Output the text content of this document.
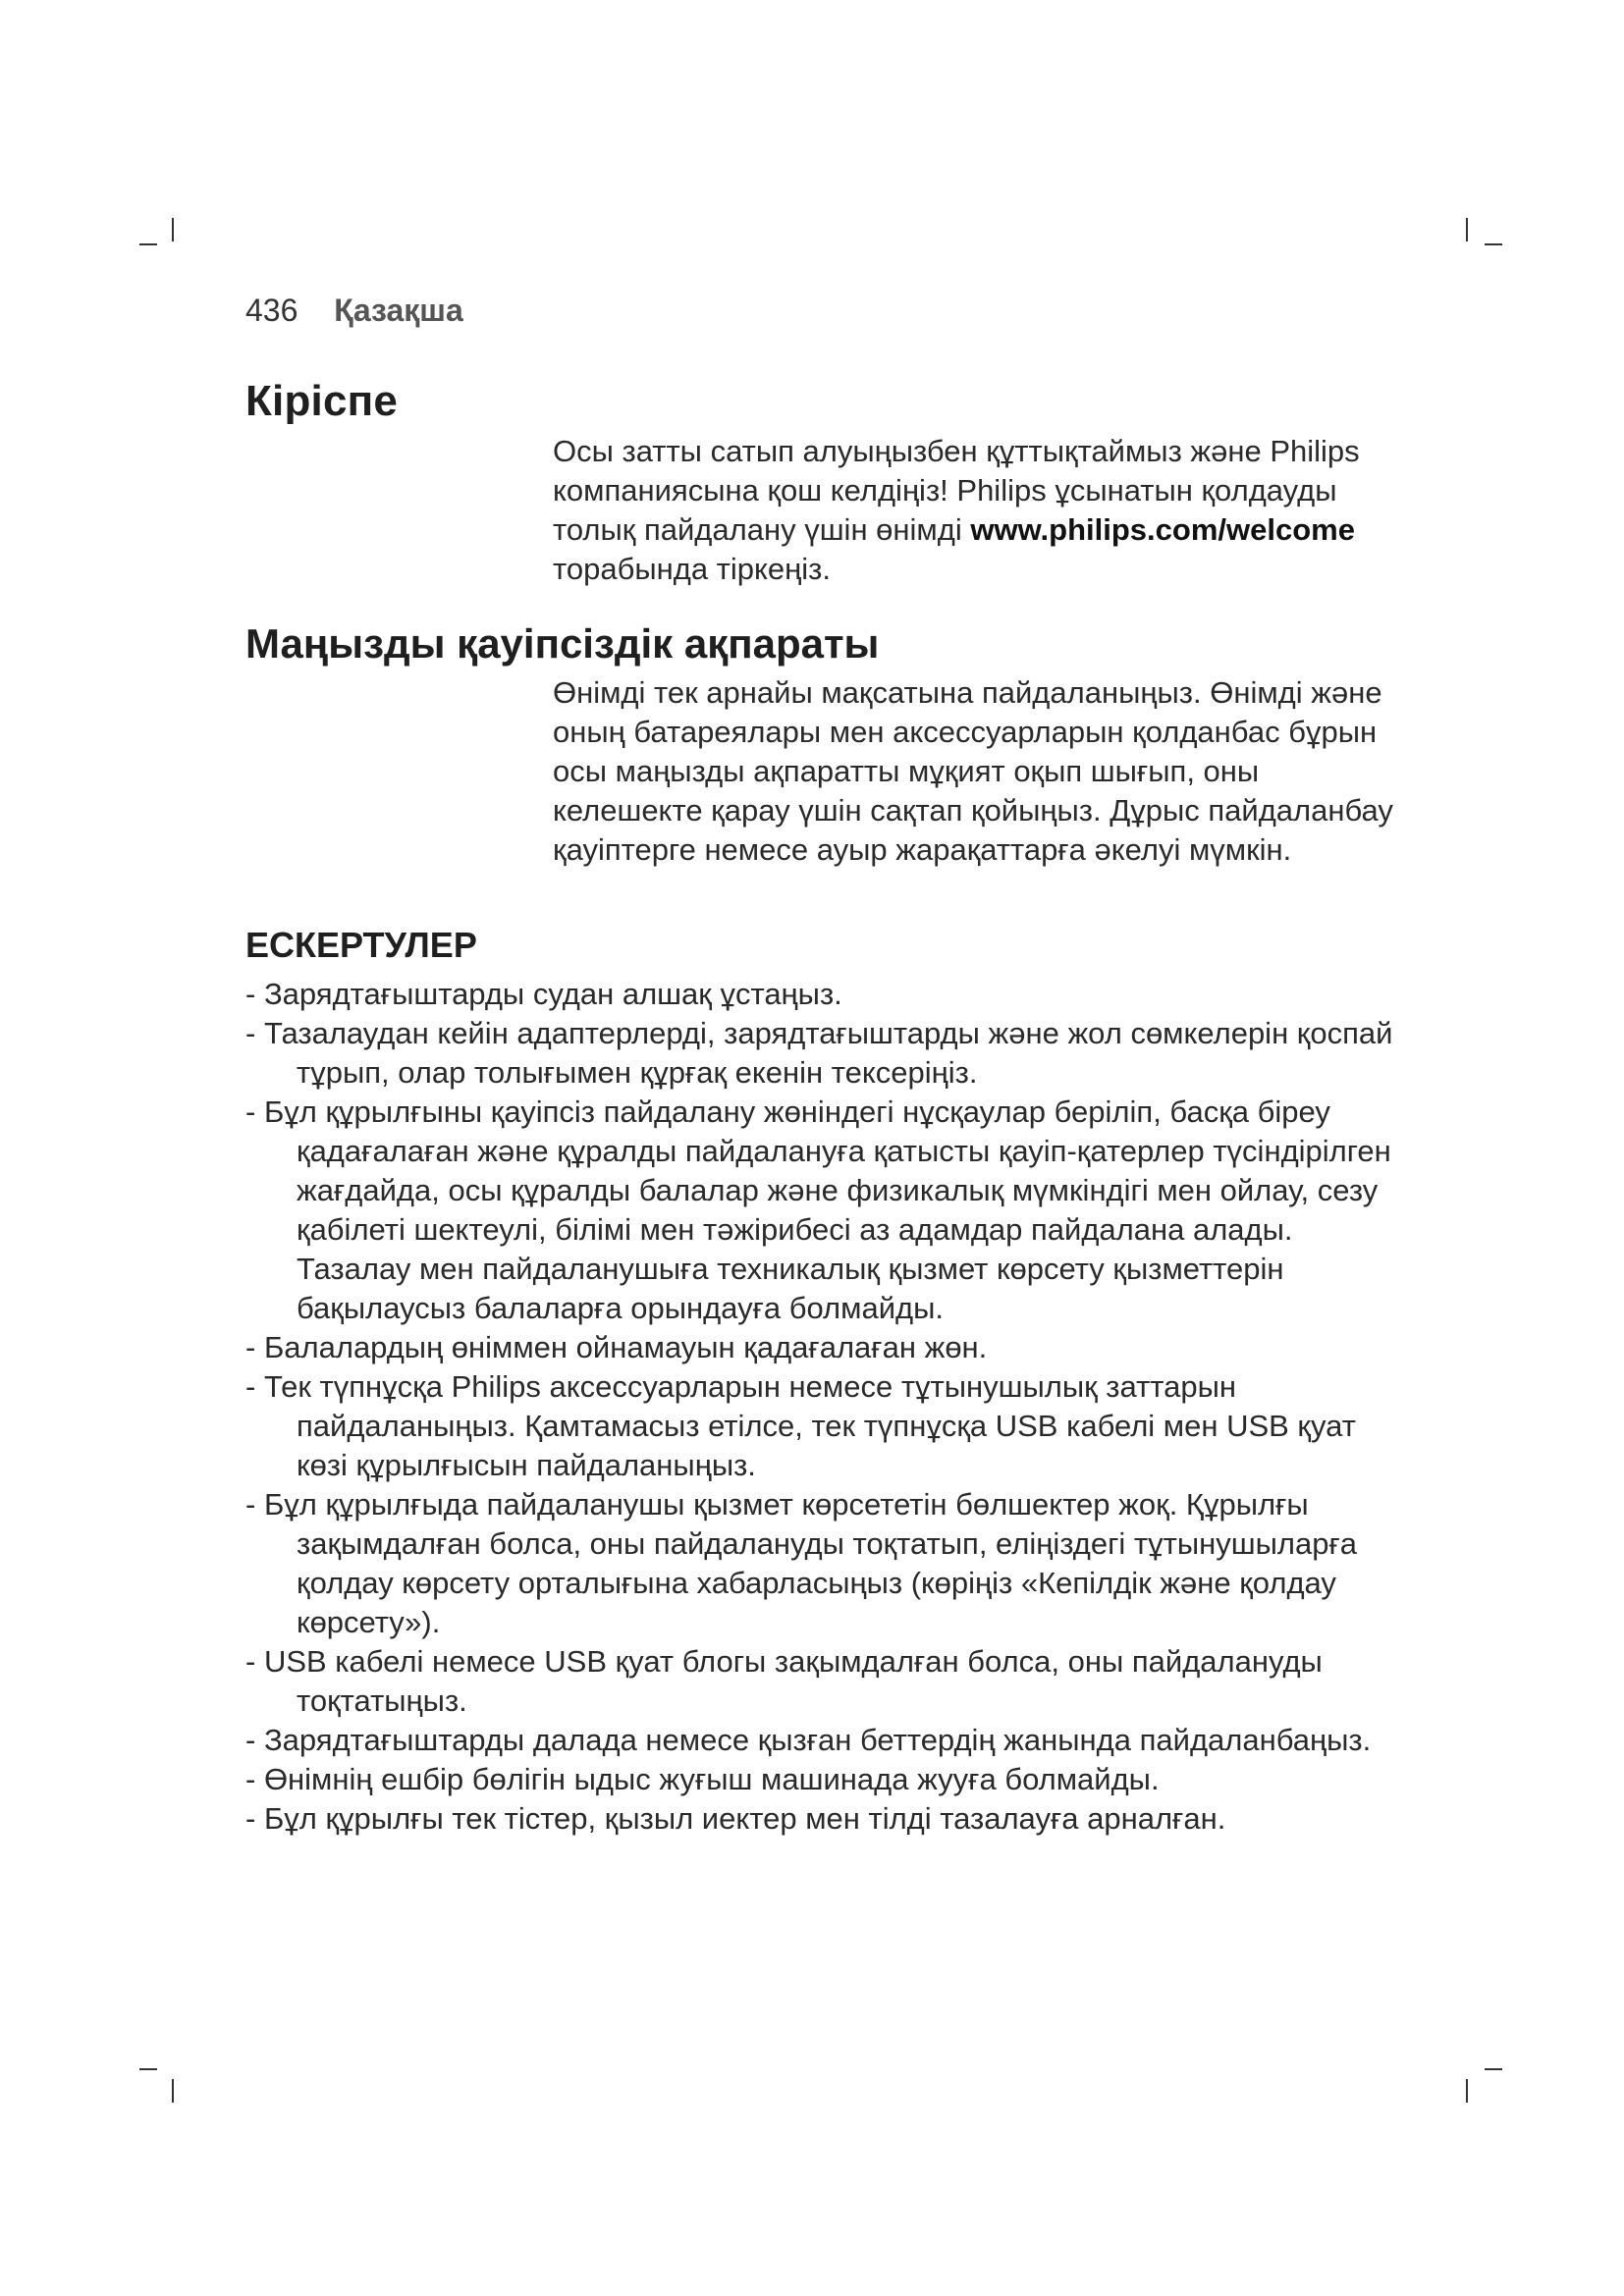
436 Қазақша
Кіріспе

Осы затты сатып алуыңызбен құттықтаймыз және Philips компаниясына қош келдіңіз! Philips ұсынатын қолдауды толық пайдалану үшін өнімді www.philips.com/welcome торабында тіркеңіз.

Маңызды қауіпсіздік ақпараты

Өнімді тек арнайы мақсатына пайдаланыңыз. Өнімді және оның батареялары мен аксессуарларын қолданбас бұрын осы маңызды ақпаратты мұқият оқып шығып, оны келешекте қарау үшін сақтап қойыңыз. Дұрыс пайдаланбау қауіптерге немесе ауыр жарақаттарға әкелуі мүмкін.

ЕСКЕРТУЛЕР
- Зарядтағыштарды судан алшақ ұстаңыз.
- Тазалаудан кейін адаптерлерді, зарядтағыштарды және жол сөмкелерін қоспай тұрып, олар толығымен құрғақ екенін тексеріңіз.
- Бұл құрылғыны қауіпсіз пайдалану жөніндегі нұсқаулар беріліп, басқа біреу қадағалаған және құралды пайдалануға қатысты қауіп-қатерлер түсіндірілген жағдайда, осы құралды балалар және физикалық мүмкіндігі мен ойлау, сезу қабілеті шектеулі, білімі мен тәжірибесі аз адамдар пайдалана алады. Тазалау мен пайдаланушыға техникалық қызмет көрсету қызметтерін бақылаусыз балаларға орындауға болмайды.
- Балалардың өніммен ойнамауын қадағалаған жөн.
- Тек түпнұсқа Philips аксессуарларын немесе тұтынушылық заттарын пайдаланыңыз. Қамтамасыз етілсе, тек түпнұсқа USB кабелі мен USB қуат көзі құрылғысын пайдаланыңыз.
- Бұл құрылғыда пайдаланушы қызмет көрсететін бөлшектер жоқ. Құрылғы зақымдалған болса, оны пайдалануды тоқтатып, еліңіздегі тұтынушыларға қолдау көрсету орталығына хабарласыңыз (көріңіз «Кепілдік және қолдау көрсету»).
- USB кабелі немесе USB қуат блогы зақымдалған болса, оны пайдалануды тоқтатыңыз.
- Зарядтағыштарды далада немесе қызған беттердің жанында пайдаланбаңыз.
- Өнімнің ешбір бөлігін ыдыс жуғыш машинада жууға болмайды.
- Бұл құрылғы тек тістер, қызыл иектер мен тілді тазалауға арналған.
